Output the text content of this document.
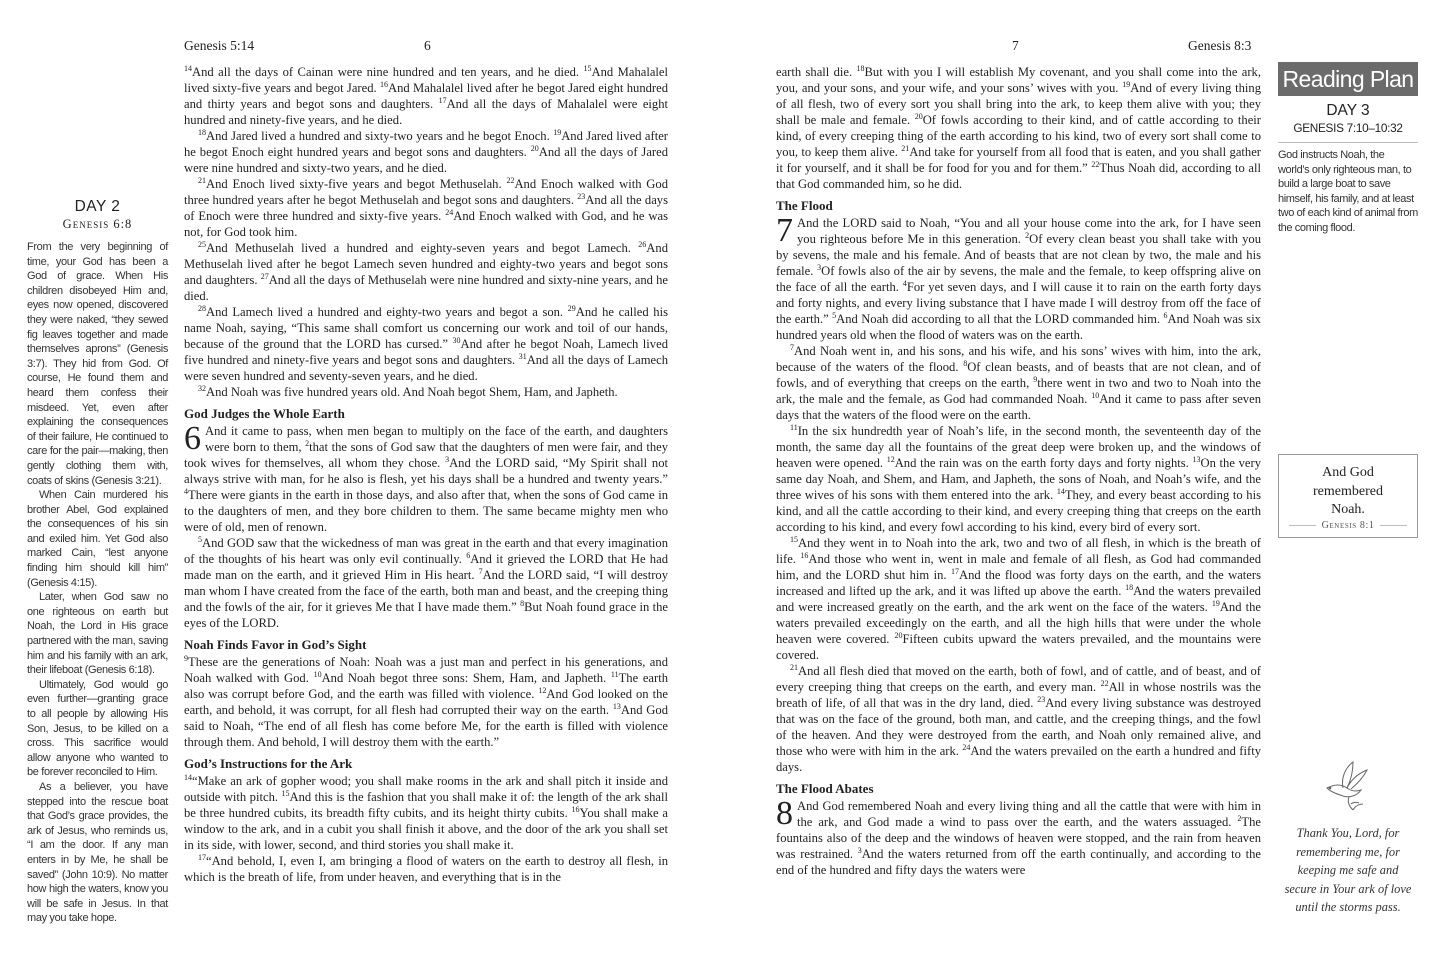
Genesis 5:14	6	7	Genesis 8:3
DAY 2
Genesis 6:8

From the very beginning of time, your God has been a God of grace. When His children disobeyed Him and, eyes now opened, discovered they were naked, “they sewed fig leaves together and made themselves aprons” (Genesis 3:7). They hid from God. Of course, He found them and heard them confess their misdeed. Yet, even after explaining the consequences of their failure, He continued to care for the pair—making, then gently clothing them with, coats of skins (Genesis 3:21).

When Cain murdered his brother Abel, God explained the consequences of his sin and exiled him. Yet God also marked Cain, “lest anyone finding him should kill him” (Genesis 4:15).

Later, when God saw no one righteous on earth but Noah, the Lord in His grace partnered with the man, saving him and his family with an ark, their lifeboat (Genesis 6:18).

Ultimately, God would go even further—granting grace to all people by allowing His Son, Jesus, to be killed on a cross. This sacrifice would allow anyone who wanted to be forever reconciled to Him.

As a believer, you have stepped into the rescue boat that God’s grace provides, the ark of Jesus, who reminds us, “I am the door. If any man enters in by Me, he shall be saved” (John 10:9). No matter how high the waters, know you will be safe in Jesus. In that may you take hope.

$^{14}$And all the days of Cainan were nine hundred and ten years, and he died. $^{15}$And Mahalalel lived sixty-five years and begot Jared. $^{16}$And Mahalalel lived after he begot Jared eight hundred and thirty years and begot sons and daughters. $^{17}$And all the days of Mahalalel were eight hundred and ninety-five years, and he died.

$^{18}$And Jared lived a hundred and sixty-two years and he begot Enoch. $^{19}$And Jared lived after he begot Enoch eight hundred years and begot sons and daughters. $^{20}$And all the days of Jared were nine hundred and sixty-two years, and he died.

$^{21}$And Enoch lived sixty-five years and begot Methuselah. $^{22}$And Enoch walked with God three hundred years after he begot Methuselah and begot sons and daughters. $^{23}$And all the days of Enoch were three hundred and sixty-five years. $^{24}$And Enoch walked with God, and he was not, for God took him.

$^{25}$And Methuselah lived a hundred and eighty-seven years and begot Lamech. $^{26}$And Methuselah lived after he begot Lamech seven hundred and eighty-two years and begot sons and daughters. $^{27}$And all the days of Methuselah were nine hundred and sixty-nine years, and he died.

$^{28}$And Lamech lived a hundred and eighty-two years and begot a son. $^{29}$And he called his name Noah, saying, “This same shall comfort us concerning our work and toil of our hands, because of the ground that the LORD has cursed.” $^{30}$And after he begot Noah, Lamech lived five hundred and ninety-five years and begot sons and daughters. $^{31}$And all the days of Lamech were seven hundred and seventy-seven years, and he died.

$^{32}$And Noah was five hundred years old. And Noah begot Shem, Ham, and Japheth.

God Judges the Whole Earth

6 And it came to pass, when men began to multiply on the face of the earth, and daughters were born to them, $^2$that the sons of God saw that the daughters of men were fair, and they took wives for themselves, all whom they chose. $^3$And the LORD said, “My Spirit shall not always strive with man, for he also is flesh, yet his days shall be a hundred and twenty years.” $^4$There were giants in the earth in those days, and also after that, when the sons of God came in to the daughters of men, and they bore children to them. The same became mighty men who were of old, men of renown.

$^5$And GOD saw that the wickedness of man was great in the earth and that every imagination of the thoughts of his heart was only evil continually. $^6$And it grieved the LORD that He had made man on the earth, and it grieved Him in His heart. $^7$And the LORD said, “I will destroy man whom I have created from the face of the earth, both man and beast, and the creeping thing and the fowls of the air, for it grieves Me that I have made them.” $^8$But Noah found grace in the eyes of the LORD.

Noah Finds Favor in God’s Sight

$^9$These are the generations of Noah: Noah was a just man and perfect in his generations, and Noah walked with God. $^{10}$And Noah begot three sons: Shem, Ham, and Japheth. $^{11}$The earth also was corrupt before God, and the earth was filled with violence. $^{12}$And God looked on the earth, and behold, it was corrupt, for all flesh had corrupted their way on the earth. $^{13}$And God said to Noah, “The end of all flesh has come before Me, for the earth is filled with violence through them. And behold, I will destroy them with the earth.”

God’s Instructions for the Ark

$^{14}$“Make an ark of gopher wood; you shall make rooms in the ark and shall pitch it inside and outside with pitch. $^{15}$And this is the fashion that you shall make it of: the length of the ark shall be three hundred cubits, its breadth fifty cubits, and its height thirty cubits. $^{16}$You shall make a window to the ark, and in a cubit you shall finish it above, and the door of the ark you shall set in its side, with lower, second, and third stories you shall make it.

$^{17}$“And behold, I, even I, am bringing a flood of waters on the earth to destroy all flesh, in which is the breath of life, from under heaven, and everything that is in the

earth shall die. $^{18}$But with you I will establish My covenant, and you shall come into the ark, you, and your sons, and your wife, and your sons’ wives with you. $^{19}$And of every living thing of all flesh, two of every sort you shall bring into the ark, to keep them alive with you; they shall be male and female. $^{20}$Of fowls according to their kind, and of cattle according to their kind, of every creeping thing of the earth according to his kind, two of every sort shall come to you, to keep them alive. $^{21}$And take for yourself from all food that is eaten, and you shall gather it for yourself, and it shall be for food for you and for them.” $^{22}$Thus Noah did, according to all that God commanded him, so he did.

The Flood

7 And the LORD said to Noah, “You and all your house come into the ark, for I have seen you righteous before Me in this generation. $^2$Of every clean beast you shall take with you by sevens, the male and his female. And of beasts that are not clean by two, the male and his female. $^3$Of fowls also of the air by sevens, the male and the female, to keep offspring alive on the face of all the earth. $^4$For yet seven days, and I will cause it to rain on the earth forty days and forty nights, and every living substance that I have made I will destroy from off the face of the earth.” $^5$And Noah did according to all that the LORD commanded him. $^6$And Noah was six hundred years old when the flood of waters was on the earth.

$^7$And Noah went in, and his sons, and his wife, and his sons’ wives with him, into the ark, because of the waters of the flood. $^8$Of clean beasts, and of beasts that are not clean, and of fowls, and of everything that creeps on the earth, $^9$there went in two and two to Noah into the ark, the male and the female, as God had commanded Noah. $^{10}$And it came to pass after seven days that the waters of the flood were on the earth.

$^{11}$In the six hundredth year of Noah’s life, in the second month, the seventeenth day of the month, the same day all the fountains of the great deep were broken up, and the windows of heaven were opened. $^{12}$And the rain was on the earth forty days and forty nights. $^{13}$On the very same day Noah, and Shem, and Ham, and Japheth, the sons of Noah, and Noah’s wife, and the three wives of his sons with them entered into the ark. $^{14}$They, and every beast according to his kind, and all the cattle according to their kind, and every creeping thing that creeps on the earth according to his kind, and every fowl according to his kind, every bird of every sort.

$^{15}$And they went in to Noah into the ark, two and two of all flesh, in which is the breath of life. $^{16}$And those who went in, went in male and female of all flesh, as God had commanded him, and the LORD shut him in. $^{17}$And the flood was forty days on the earth, and the waters increased and lifted up the ark, and it was lifted up above the earth. $^{18}$And the waters prevailed and were increased greatly on the earth, and the ark went on the face of the waters. $^{19}$And the waters prevailed exceedingly on the earth, and all the high hills that were under the whole heaven were covered. $^{20}$Fifteen cubits upward the waters prevailed, and the mountains were covered.

$^{21}$And all flesh died that moved on the earth, both of fowl, and of cattle, and of beast, and of every creeping thing that creeps on the earth, and every man. $^{22}$All in whose nostrils was the breath of life, of all that was in the dry land, died. $^{23}$And every living substance was destroyed that was on the face of the ground, both man, and cattle, and the creeping things, and the fowl of the heaven. And they were destroyed from the earth, and Noah only remained alive, and those who were with him in the ark. $^{24}$And the waters prevailed on the earth a hundred and fifty days.

The Flood Abates

8 And God remembered Noah and every living thing and all the cattle that were with him in the ark, and God made a wind to pass over the earth, and the waters assuaged. $^2$The fountains also of the deep and the windows of heaven were stopped, and the rain from heaven was restrained. $^3$And the waters returned from off the earth continually, and according to the end of the hundred and fifty days the waters were

Reading Plan
DAY 3
GENESIS 7:10–10:32
God instructs Noah, the world’s only righteous man, to build a large boat to save himself, his family, and at least two of each kind of animal from the coming flood.
And God remembered Noah.
Genesis 8:1
Thank You, Lord, for remembering me, for keeping me safe and secure in Your ark of love until the storms pass.
